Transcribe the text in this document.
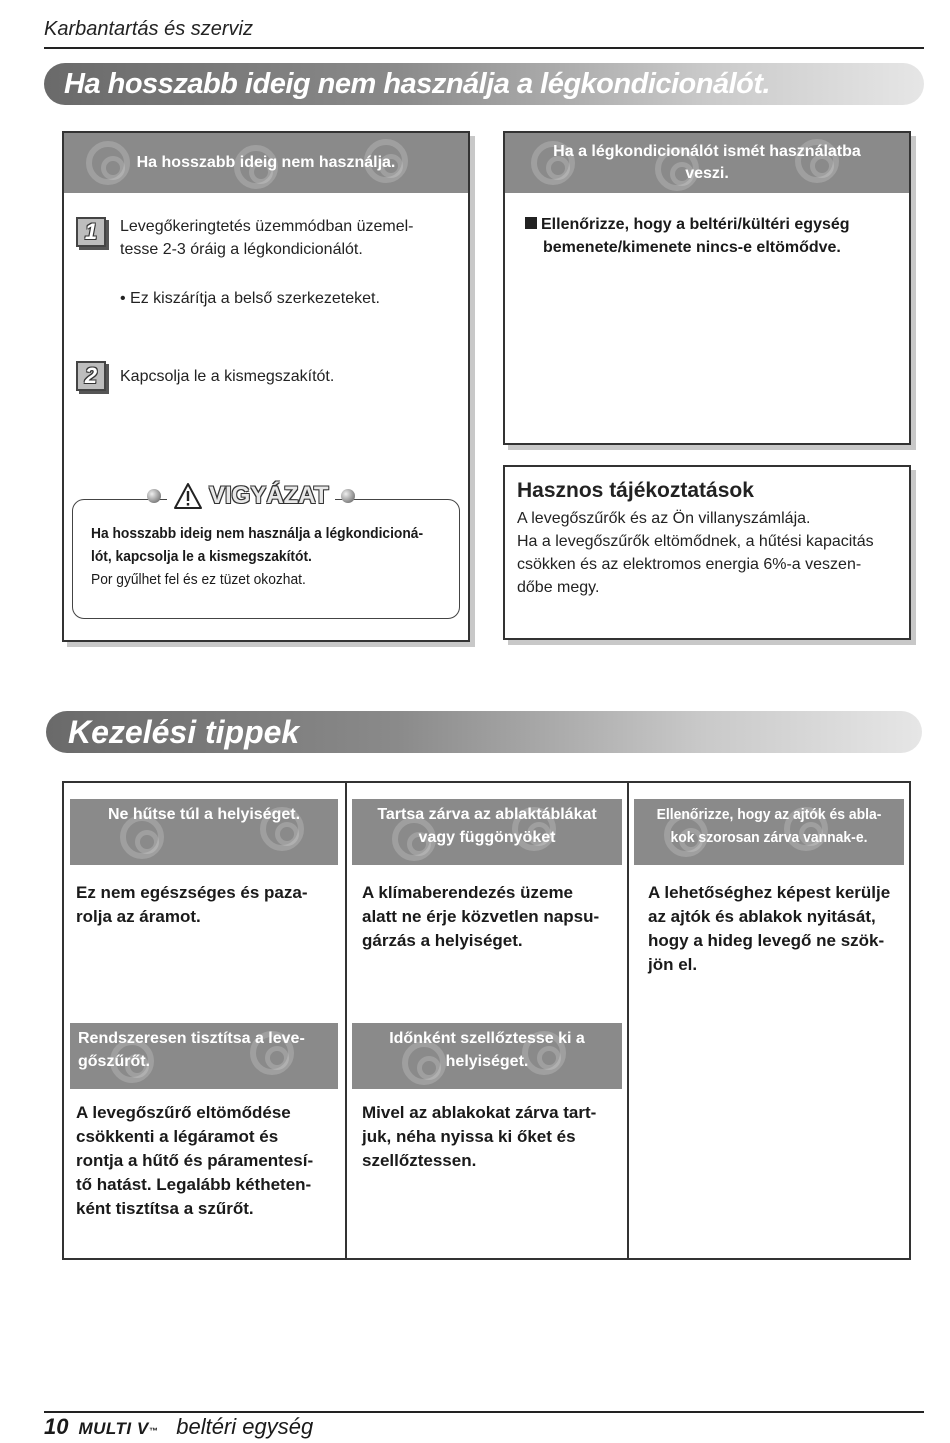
Karbantartás és szerviz
Ha hosszabb ideig nem használja a légkondicionálót.
Ha hosszabb ideig nem használja.
1	Levegőkeringtetés üzemmódban üzemel-
tesse 2-3 óráig a légkondicionálót.
• Ez kiszárítja a belső szerkezeteket.
2	Kapcsolja le a kismegszakítót.
VIGYÁZAT
Ha hosszabb ideig nem használja a légkondicioná-
lót, kapcsolja le a kismegszakítót.
Por gyűlhet fel és ez tüzet okozhat.
Ha a légkondicionálót ismét használatba
veszi.
Ellenőrizze, hogy a beltéri/kültéri egység
bemenete/kimenete nincs-e eltömődve.
Hasznos tájékoztatások
A levegőszűrők és az Ön villanyszámlája.
Ha a levegőszűrők eltömődnek, a hűtési kapacitás
csökken és az elektromos energia 6%-a veszen-
dőbe megy.
Kezelési tippek
Ne hűtse túl a helyiséget.
Ez nem egészséges és paza-
rolja az áramot.
Tartsa zárva az ablaktáblákat
vagy függönyöket
A klímaberendezés üzeme
alatt ne érje közvetlen napsu-
gárzás a helyiséget.
Ellenőrizze, hogy az ajtók és abla-
kok szorosan zárva vannak-e.
A lehetőséghez képest kerülje
az ajtók és ablakok nyitását,
hogy a hideg levegő ne szök-
jön el.
Rendszeresen tisztítsa a leve-
gőszűrőt.
A levegőszűrő eltömődése
csökkenti a légáramot és
rontja a hűtő és páramentesí-
tő hatást. Legalább kétheten-
ként tisztítsa a szűrőt.
Időnként szellőztesse ki a
helyiséget.
Mivel az ablakokat zárva tart-
juk, néha nyissa ki őket és
szellőztessen.
10 MULTI V™ beltéri egység
